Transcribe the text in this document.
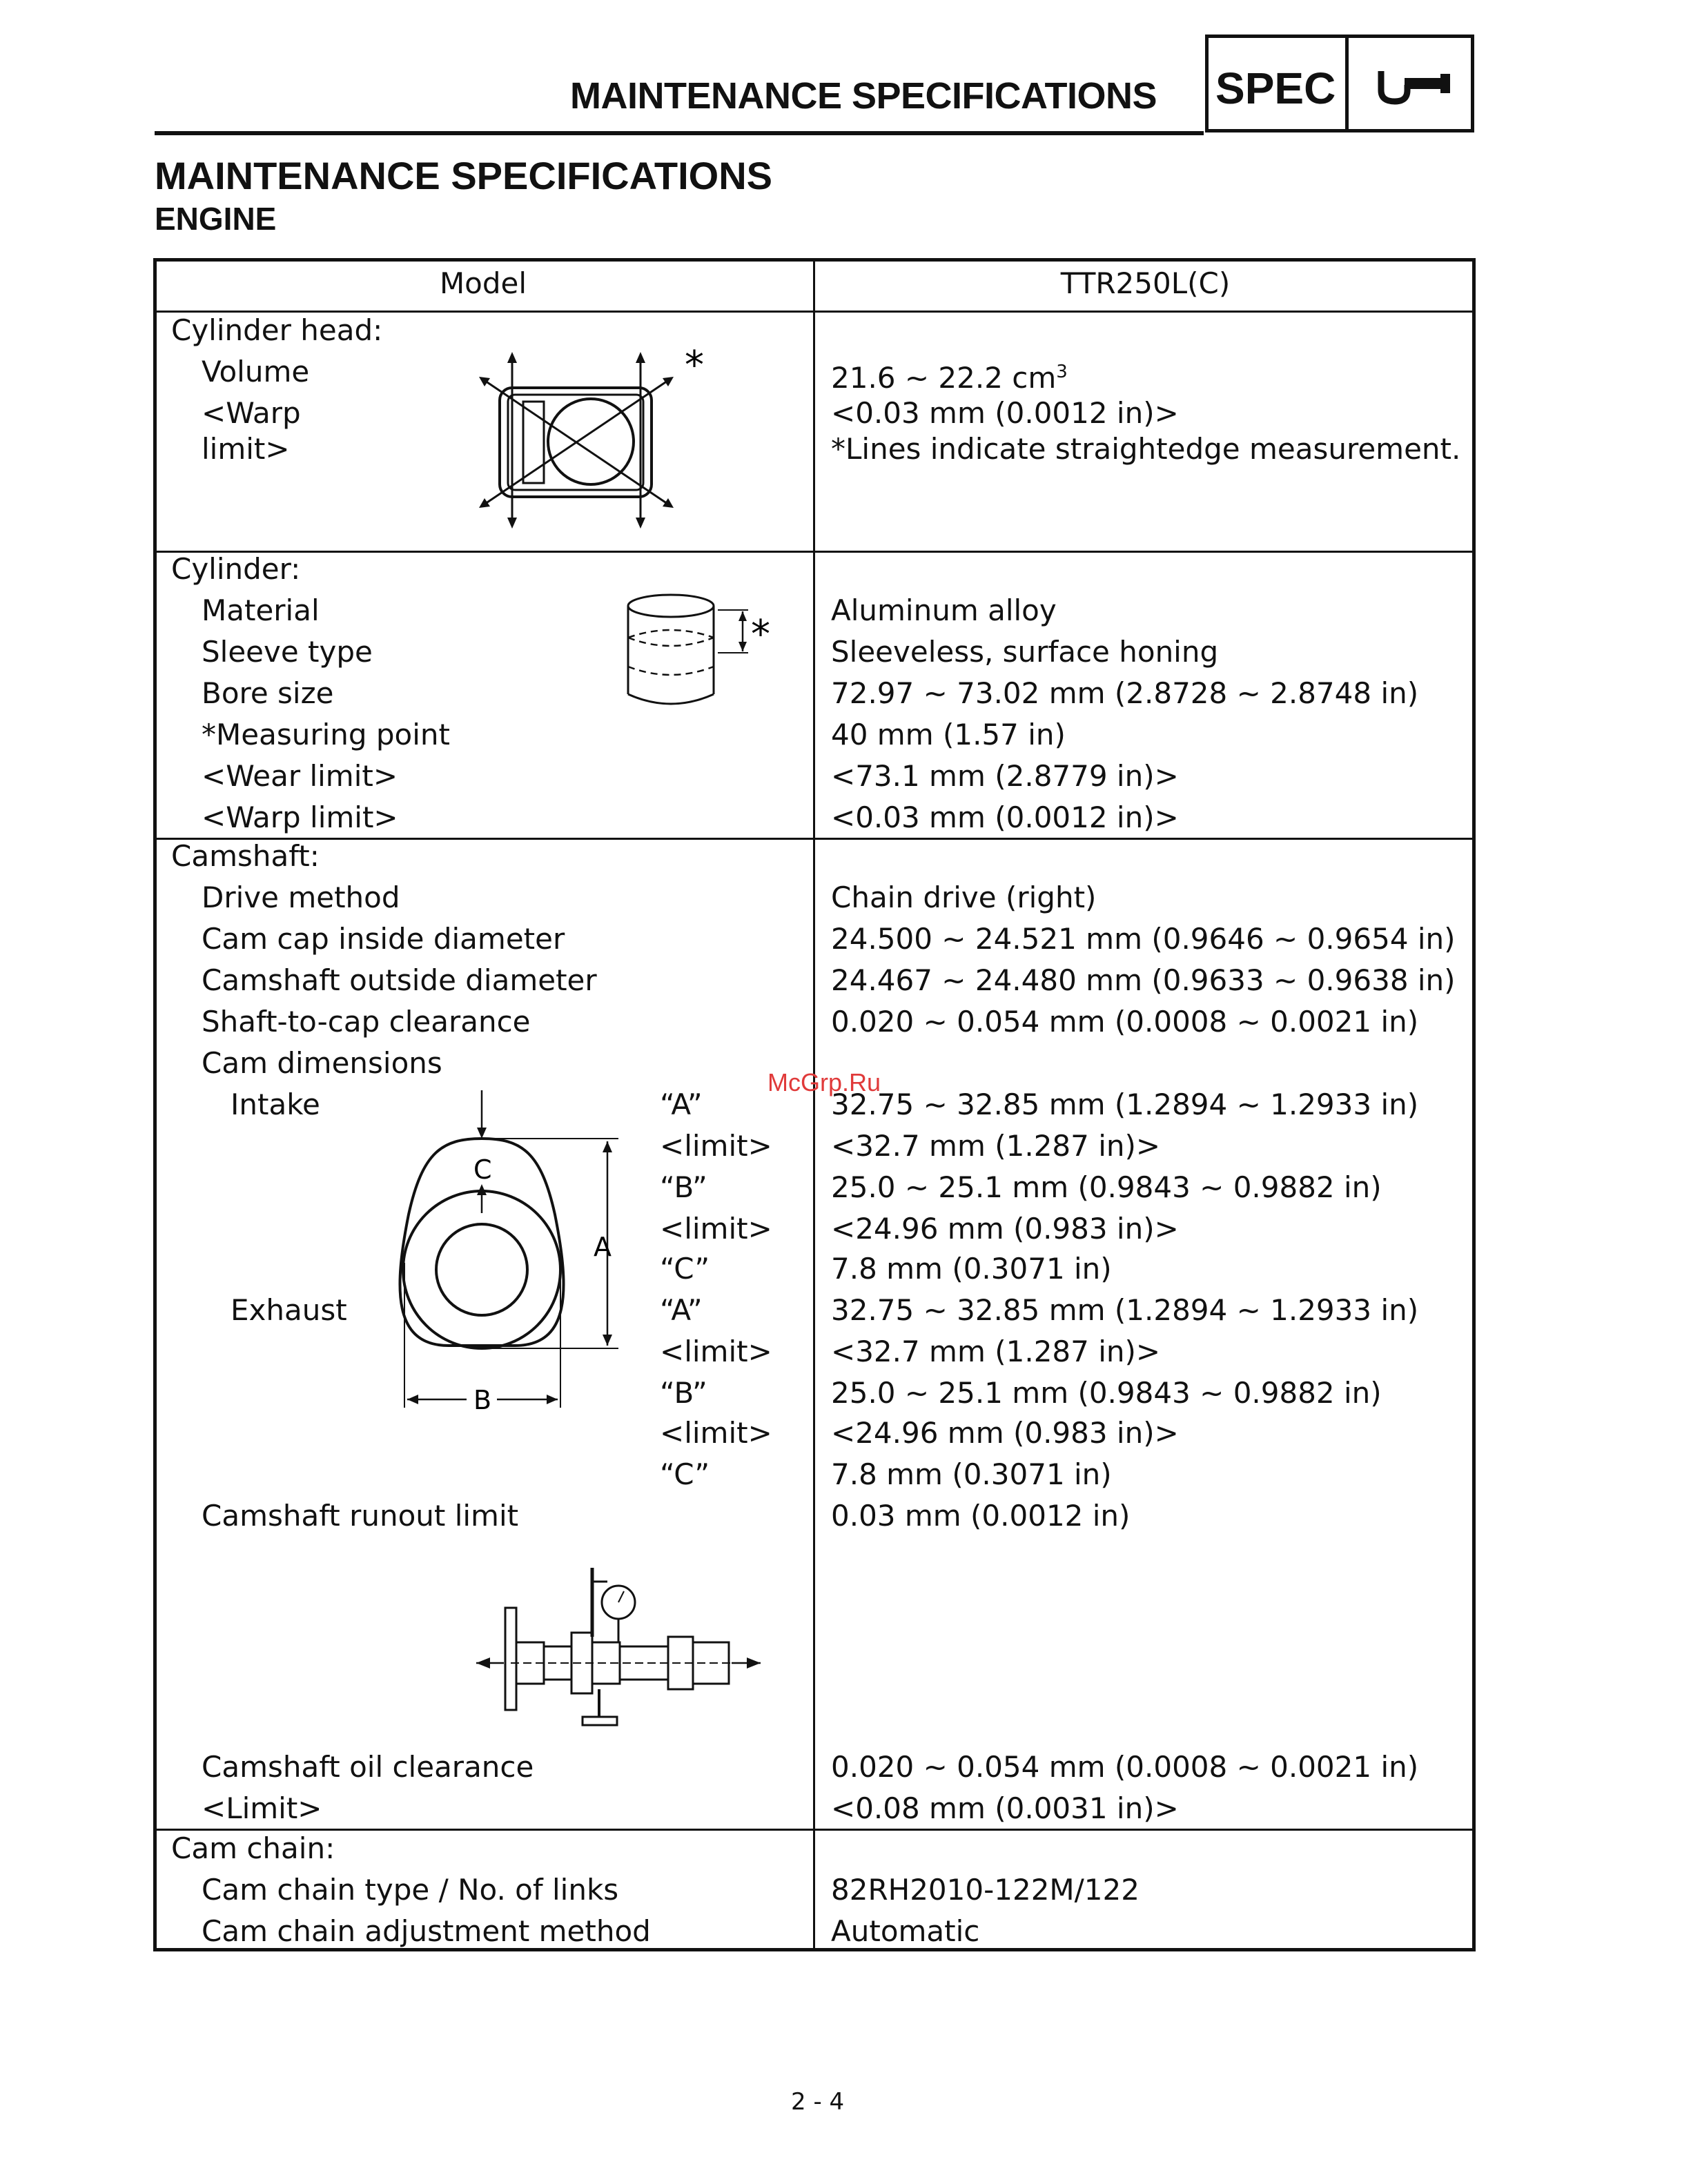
MAINTENANCE SPECIFICATIONS SPEC
MAINTENANCE SPECIFICATIONS
ENGINE
Model	TTR250L(C)
Cylinder head:
Volume
<Warp
limit>
21.6 ~ 22.2 $cm^3$
<0.03 mm (0.0012 in)>
*Lines indicate straightedge measurement.
*
Cylinder:
Material
Sleeve type
Bore size
*Measuring point
<Wear limit>
<Warp limit>
Aluminum alloy
Sleeveless, surface honing
72.97 ~ 73.02 mm (2.8728 ~ 2.8748 in)
40 mm (1.57 in)
<73.1 mm (2.8779 in)>
<0.03 mm (0.0012 in)>
*
Camshaft:
Drive method
Cam cap inside diameter
Camshaft outside diameter
Shaft-to-cap clearance
Cam dimensions
Chain drive (right)
24.500 ~ 24.521 mm (0.9646 ~ 0.9654 in)
24.467 ~ 24.480 mm (0.9633 ~ 0.9638 in)
0.020 ~ 0.054 mm (0.0008 ~ 0.0021 in)
Intake
Exhaust
“A”
<limit>
“B”
<limit>
“C”
“A”
<limit>
“B”
<limit>
“C”
32.75 ~ 32.85 mm (1.2894 ~ 1.2933 in)
<32.7 mm (1.287 in)>
25.0 ~ 25.1 mm (0.9843 ~ 0.9882 in)
<24.96 mm (0.983 in)>
7.8 mm (0.3071 in)
32.75 ~ 32.85 mm (1.2894 ~ 1.2933 in)
<32.7 mm (1.287 in)>
25.0 ~ 25.1 mm (0.9843 ~ 0.9882 in)
<24.96 mm (0.983 in)>
7.8 mm (0.3071 in)
C
A
B
Camshaft runout limit	0.03 mm (0.0012 in)
Camshaft oil clearance
<Limit>
0.020 ~ 0.054 mm (0.0008 ~ 0.0021 in)
<0.08 mm (0.0031 in)>
Cam chain:
Cam chain type / No. of links
Cam chain adjustment method
82RH2010-122M/122
Automatic
McGrp.Ru
2 - 4
